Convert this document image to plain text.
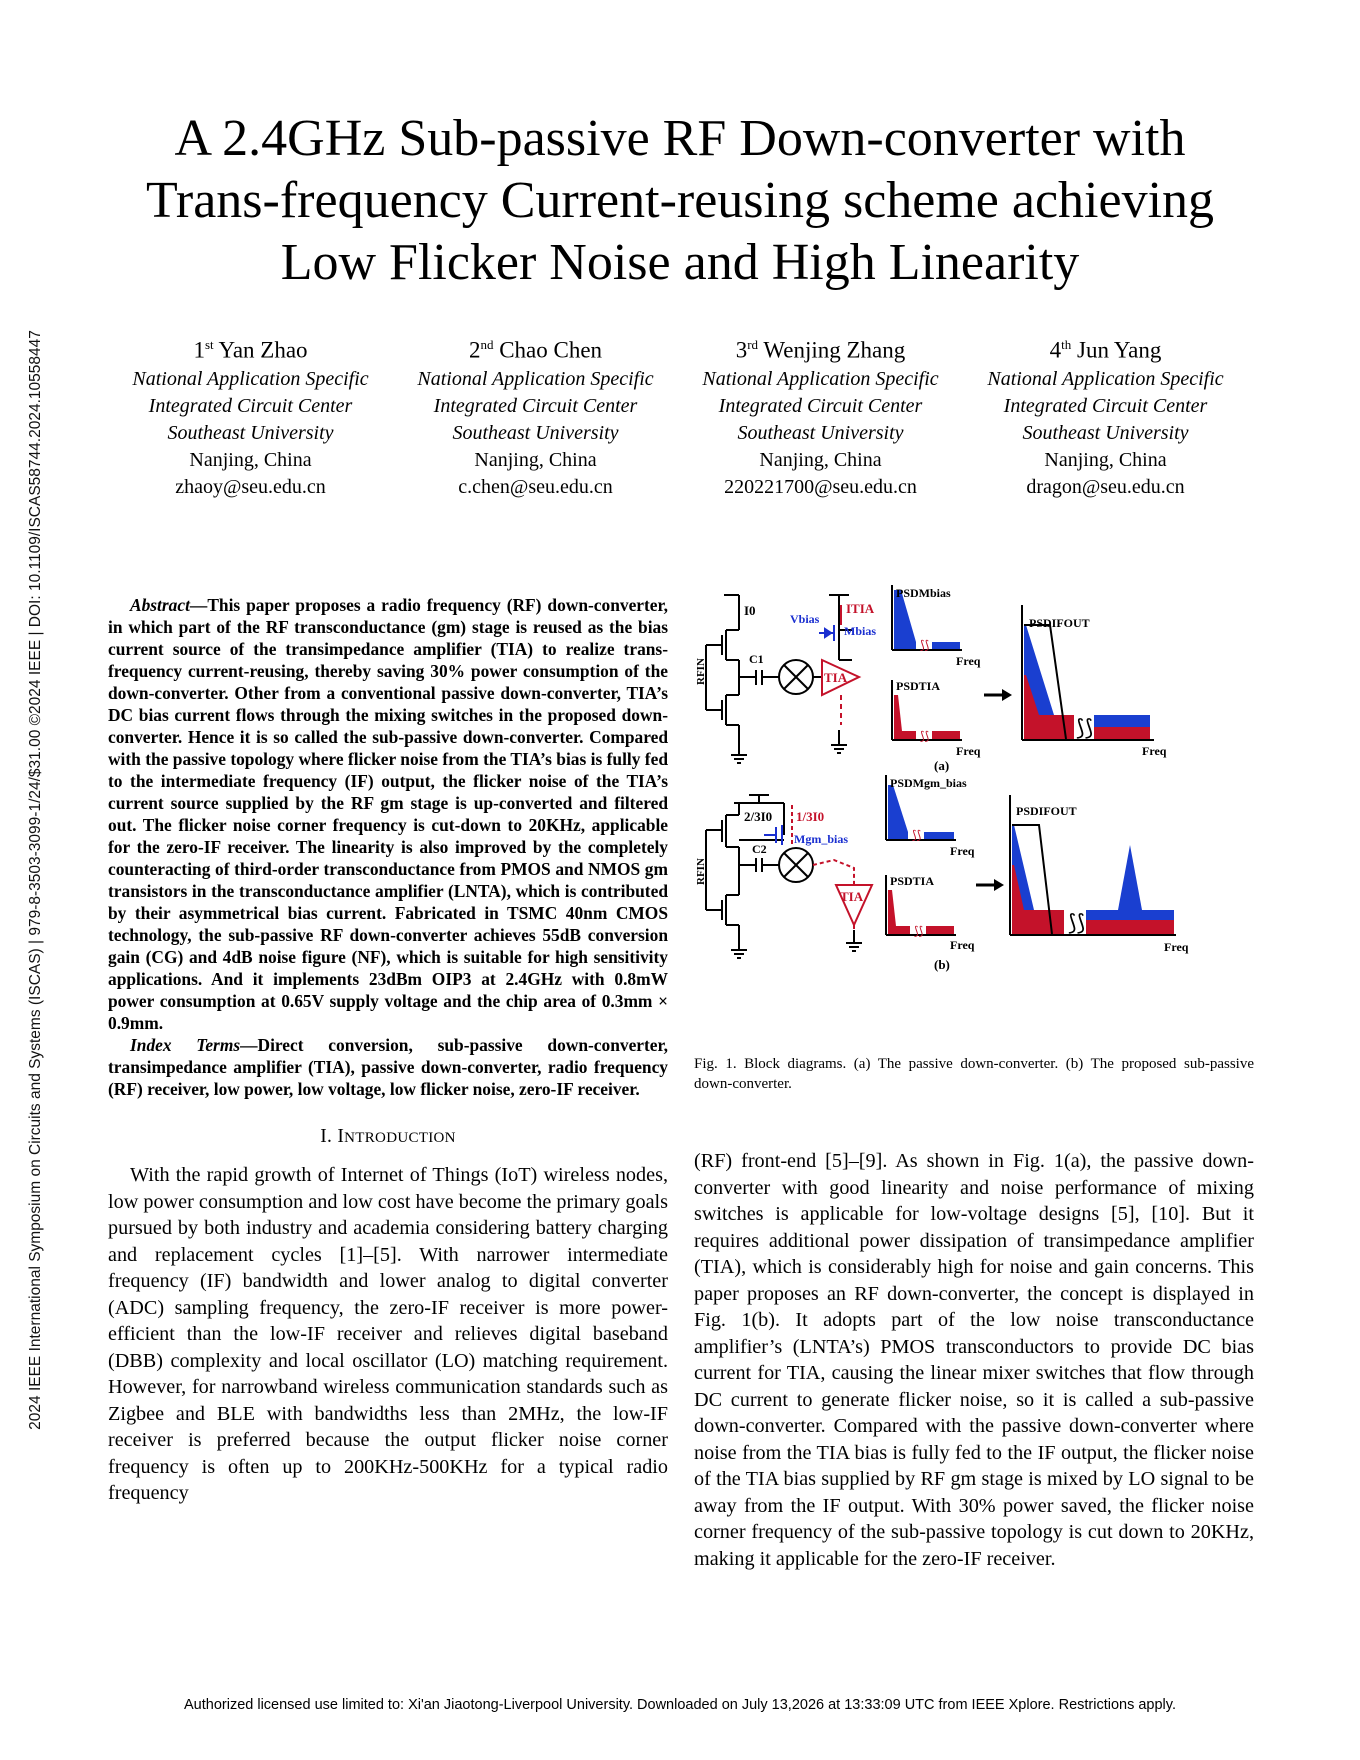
2024 IEEE International Symposium on Circuits and Systems (ISCAS) | 979-8-3503-3099-1/24/$31.00 ©2024 IEEE | DOI: 10.1109/ISCAS58744.2024.10558447
A 2.4GHz Sub-passive RF Down-converter with
Trans-frequency Current-reusing scheme achieving
Low Flicker Noise and High Linearity
1st Yan Zhao
National Application Specific
Integrated Circuit Center
Southeast University
Nanjing, China
zhaoy@seu.edu.cn
2nd Chao Chen
National Application Specific
Integrated Circuit Center
Southeast University
Nanjing, China
c.chen@seu.edu.cn
3rd Wenjing Zhang
National Application Specific
Integrated Circuit Center
Southeast University
Nanjing, China
220221700@seu.edu.cn
4th Jun Yang
National Application Specific
Integrated Circuit Center
Southeast University
Nanjing, China
dragon@seu.edu.cn

Abstract—This paper proposes a radio frequency (RF) down-converter, in which part of the RF transconductance (gm) stage is reused as the bias current source of the transimpedance amplifier (TIA) to realize trans-frequency current-reusing, thereby saving 30% power consumption of the down-converter. Other from a conventional passive down-converter, TIA’s DC bias current flows through the mixing switches in the proposed down-converter. Hence it is so called the sub-passive down-converter. Compared with the passive topology where flicker noise from the TIA’s bias is fully fed to the intermediate frequency (IF) output, the flicker noise of the TIA’s current source supplied by the RF gm stage is up-converted and filtered out. The flicker noise corner frequency is cut-down to 20KHz, applicable for the zero-IF receiver. The linearity is also improved by the completely counteracting of third-order transconductance from PMOS and NMOS gm transistors in the transconductance amplifier (LNTA), which is contributed by their asymmetrical bias current. Fabricated in TSMC 40nm CMOS technology, the sub-passive RF down-converter achieves 55dB conversion gain (CG) and 4dB noise figure (NF), which is suitable for high sensitivity applications. And it implements 23dBm OIP3 at 2.4GHz with 0.8mW power consumption at 0.65V supply voltage and the chip area of 0.3mm × 0.9mm.

Index Terms—Direct conversion, sub-passive down-converter, transimpedance amplifier (TIA), passive down-converter, radio frequency (RF) receiver, low power, low voltage, low flicker noise, zero-IF receiver.

I. INTRODUCTION

With the rapid growth of Internet of Things (IoT) wireless nodes, low power consumption and low cost have become the primary goals pursued by both industry and academia considering battery charging and replacement cycles [1]–[5]. With narrower intermediate frequency (IF) bandwidth and lower analog to digital converter (ADC) sampling frequency, the zero-IF receiver is more power-efficient than the low-IF receiver and relieves digital baseband (DBB) complexity and local oscillator (LO) matching requirement. However, for narrowband wireless communication standards such as Zigbee and BLE with bandwidths less than 2MHz, the low-IF receiver is preferred because the output flicker noise corner frequency is often up to 200KHz-500KHz for a typical radio frequency

I0	ITIA
Vbias
Mbias
C1
RFIN	TIA
⟆⟆
PSDMbias
Freq
⟆⟆
PSDTIA
Freq
⟆⟆
PSDIFOUT
Freq
(a)
2/3I0 1/3I0
Mgm_bias
C2
RFIN
TIA
⟆⟆
PSDMgm_bias
Freq
⟆⟆
PSDTIA
Freq
⟆⟆
PSDIFOUT
Freq
(b)
Fig. 1. Block diagrams. (a) The passive down-converter. (b) The proposed sub-passive down-converter.

(RF) front-end [5]–[9]. As shown in Fig. 1(a), the passive down-converter with good linearity and noise performance of mixing switches is applicable for low-voltage designs [5], [10]. But it requires additional power dissipation of transimpedance amplifier (TIA), which is considerably high for noise and gain concerns. This paper proposes an RF down-converter, the concept is displayed in Fig. 1(b). It adopts part of the low noise transconductance amplifier’s (LNTA’s) PMOS transconductors to provide DC bias current for TIA, causing the linear mixer switches that flow through DC current to generate flicker noise, so it is called a sub-passive down-converter. Compared with the passive down-converter where noise from the TIA bias is fully fed to the IF output, the flicker noise of the TIA bias supplied by RF gm stage is mixed by LO signal to be away from the IF output. With 30% power saved, the flicker noise corner frequency of the sub-passive topology is cut down to 20KHz, making it applicable for the zero-IF receiver.

Authorized licensed use limited to: Xi'an Jiaotong-Liverpool University. Downloaded on July 13,2026 at 13:33:09 UTC from IEEE Xplore. Restrictions apply.
